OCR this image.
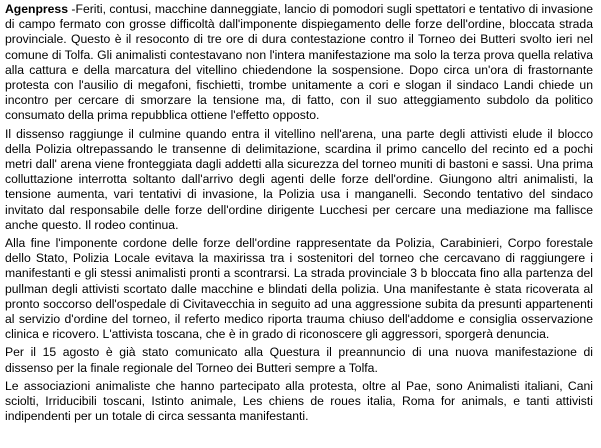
Agenpress -Feriti, contusi, macchine danneggiate, lancio di pomodori sugli spettatori e tentativo di invasione di campo fermato con grosse difficoltà dall'imponente dispiegamento delle forze dell'ordine, bloccata strada provinciale. Questo è il resoconto di tre ore di dura contestazione contro il Torneo dei Butteri svolto ieri nel comune di Tolfa. Gli animalisti contestavano non l'intera manifestazione ma solo la terza prova quella relativa alla cattura e della marcatura del vitellino chiedendone la sospensione. Dopo circa un'ora di frastornante protesta con l'ausilio di megafoni, fischietti, trombe unitamente a cori e slogan il sindaco Landi chiede un incontro per cercare di smorzare la tensione ma, di fatto, con il suo atteggiamento subdolo da politico consumato della prima repubblica ottiene l'effetto opposto.

Il dissenso raggiunge il culmine quando entra il vitellino nell'arena, una parte degli attivisti elude il blocco della Polizia oltrepassando le transenne di delimitazione, scardina il primo cancello del recinto ed a pochi metri dall' arena viene fronteggiata dagli addetti alla sicurezza del torneo muniti di bastoni e sassi. Una prima colluttazione interrotta soltanto dall'arrivo degli agenti delle forze dell'ordine. Giungono altri animalisti, la tensione aumenta, vari tentativi di invasione, la Polizia usa i manganelli. Secondo tentativo del sindaco invitato dal responsabile delle forze dell'ordine dirigente Lucchesi per cercare una mediazione ma fallisce anche questo. Il rodeo continua.

Alla fine l'imponente cordone delle forze dell'ordine rappresentate da Polizia, Carabinieri, Corpo forestale dello Stato, Polizia Locale evitava la maxirissa tra i sostenitori del torneo che cercavano di raggiungere i manifestanti e gli stessi animalisti pronti a scontrarsi. La strada provinciale 3 b bloccata fino alla partenza del pullman degli attivisti scortato dalle macchine e blindati della polizia. Una manifestante è stata ricoverata al pronto soccorso dell'ospedale di Civitavecchia in seguito ad una aggressione subita da presunti appartenenti al servizio d'ordine del torneo, il referto medico riporta trauma chiuso dell'addome e consiglia osservazione clinica e ricovero. L'attivista toscana, che è in grado di riconoscere gli aggressori, sporgerà denuncia.

Per il 15 agosto è già stato comunicato alla Questura il preannuncio di una nuova manifestazione di dissenso per la finale regionale del Torneo dei Butteri sempre a Tolfa.

Le associazioni animaliste che hanno partecipato alla protesta, oltre al Pae, sono Animalisti italiani, Cani sciolti, Irriducibili toscani, Istinto animale, Les chiens de roues italia, Roma for animals, e tanti attivisti indipendenti per un totale di circa sessanta manifestanti.
